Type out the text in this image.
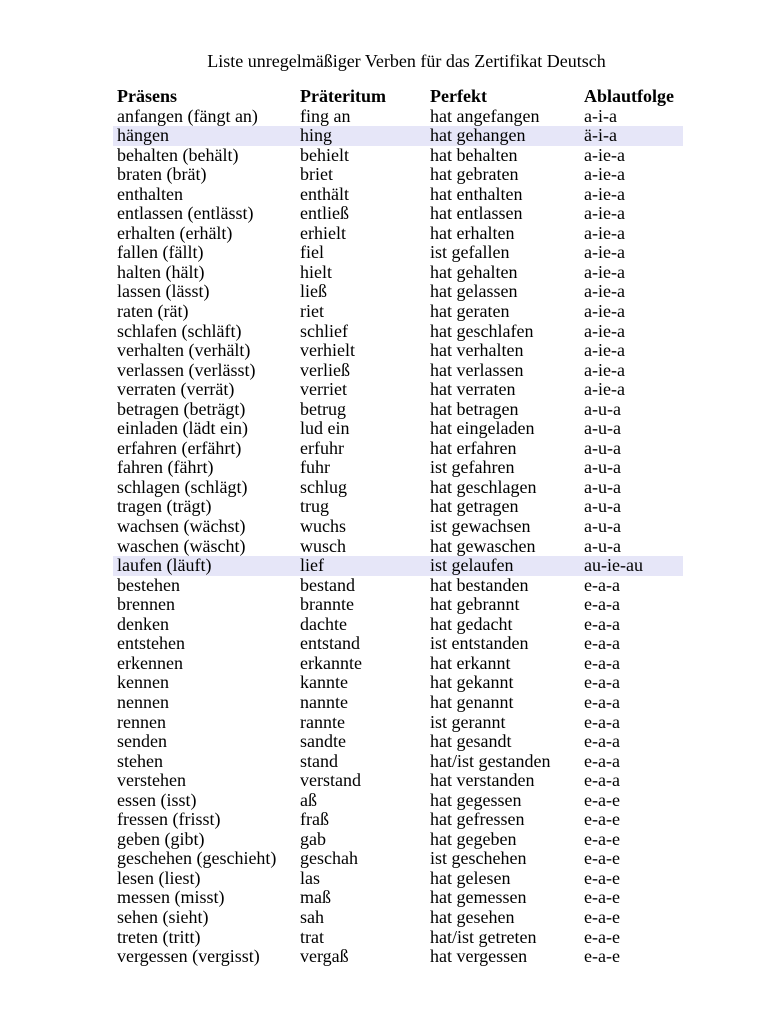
Liste unregelmäßiger Verben für das Zertifikat Deutsch
Präsens	Präteritum	Perfekt	Ablautfolge
anfangen (fängt an)	fing an	hat angefangen	a-i-a
hängen	hing	hat gehangen	ä-i-a
behalten (behält)	behielt	hat behalten	a-ie-a
braten (brät)	briet	hat gebraten	a-ie-a
enthalten	enthält	hat enthalten	a-ie-a
entlassen (entlässt)	entließ	hat entlassen	a-ie-a
erhalten (erhält)	erhielt	hat erhalten	a-ie-a
fallen (fällt)	fiel	ist gefallen	a-ie-a
halten (hält)	hielt	hat gehalten	a-ie-a
lassen (lässt)	ließ	hat gelassen	a-ie-a
raten (rät)	riet	hat geraten	a-ie-a
schlafen (schläft)	schlief	hat geschlafen	a-ie-a
verhalten (verhält)	verhielt	hat verhalten	a-ie-a
verlassen (verlässt)	verließ	hat verlassen	a-ie-a
verraten (verrät)	verriet	hat verraten	a-ie-a
betragen (beträgt)	betrug	hat betragen	a-u-a
einladen (lädt ein)	lud ein	hat eingeladen	a-u-a
erfahren (erfährt)	erfuhr	hat erfahren	a-u-a
fahren (fährt)	fuhr	ist gefahren	a-u-a
schlagen (schlägt)	schlug	hat geschlagen	a-u-a
tragen (trägt)	trug	hat getragen	a-u-a
wachsen (wächst)	wuchs	ist gewachsen	a-u-a
waschen (wäscht)	wusch	hat gewaschen	a-u-a
laufen (läuft)	lief	ist gelaufen	au-ie-au
bestehen	bestand	hat bestanden	e-a-a
brennen	brannte	hat gebrannt	e-a-a
denken	dachte	hat gedacht	e-a-a
entstehen	entstand	ist entstanden	e-a-a
erkennen	erkannte	hat erkannt	e-a-a
kennen	kannte	hat gekannt	e-a-a
nennen	nannte	hat genannt	e-a-a
rennen	rannte	ist gerannt	e-a-a
senden	sandte	hat gesandt	e-a-a
stehen	stand	hat/ist gestanden	e-a-a
verstehen	verstand	hat verstanden	e-a-a
essen (isst)	aß	hat gegessen	e-a-e
fressen (frisst)	fraß	hat gefressen	e-a-e
geben (gibt)	gab	hat gegeben	e-a-e
geschehen (geschieht)	geschah	ist geschehen	e-a-e
lesen (liest)	las	hat gelesen	e-a-e
messen (misst)	maß	hat gemessen	e-a-e
sehen (sieht)	sah	hat gesehen	e-a-e
treten (tritt)	trat	hat/ist getreten	e-a-e
vergessen (vergisst)	vergaß	hat vergessen	e-a-e
